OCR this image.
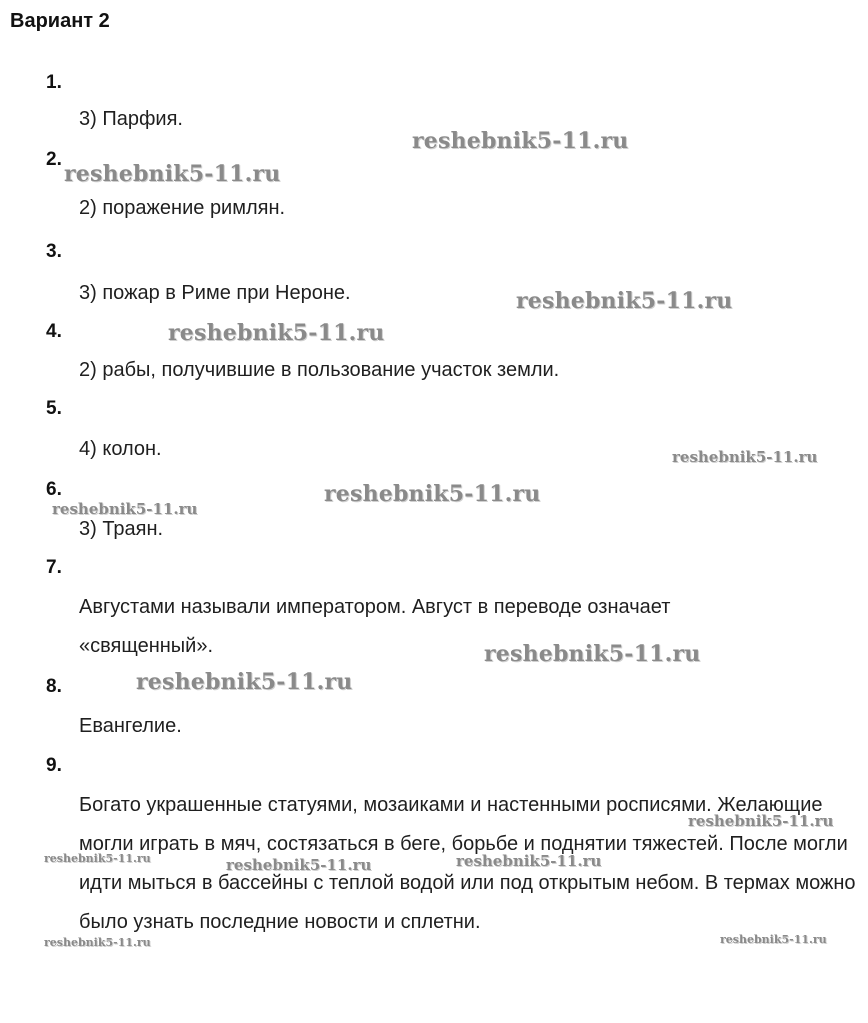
Вариант 2
1.
3) Парфия.
2.
2) поражение римлян.
3.
3) пожар в Риме при Нероне.
4.
2) рабы, получившие в пользование участок земли.
5.
4) колон.
6.
3) Траян.
7.
Августами называли императором. Август в переводе означает «священный».
8.
Евангелие.
9.
Богато украшенные статуями, мозаиками и настенными росписями. Желающие могли играть в мяч, состязаться в беге, борьбе и поднятии тяжестей. После могли идти мыться в бассейны с теплой водой или под открытым небом. В термах можно было узнать последние новости и сплетни.
reshebnik5-11.ru
reshebnik5-11.ru
reshebnik5-11.ru
reshebnik5-11.ru
reshebnik5-11.ru
reshebnik5-11.ru
reshebnik5-11.ru
reshebnik5-11.ru
reshebnik5-11.ru
reshebnik5-11.ru
reshebnik5-11.ru	reshebnik5-11.ru	reshebnik5-11.ru
reshebnik5-11.ru	reshebnik5-11.ru
